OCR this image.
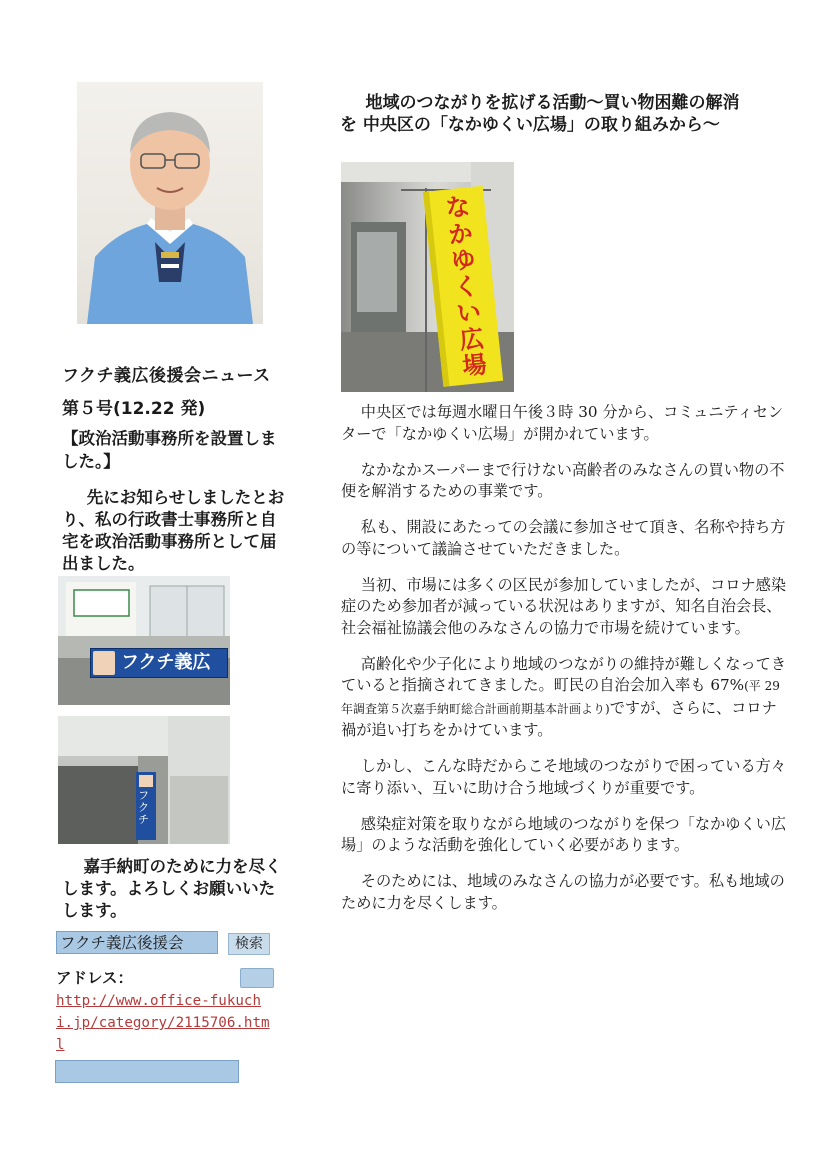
フクチ義広後援会ニュース
第５号(12.22 発)
【政治活動事務所を設置しました。】
先にお知らせしましたとおり、私の行政書士事務所と自宅を政治活動事務所として届出ました。
フクチ義広
フクチ
嘉手納町のために力を尽くします。よろしくお願いいたします。
フクチ義広後援会	検索
アドレス：
http://www.office-fukuchi.jp/category/2115706.html
地域のつながりを拡げる活動～買い物困難の解消を 中央区の「なかゆくい広場」の取り組みから～
な
か
ゆ
く
い
広
場

中央区では毎週水曜日午後３時 30 分から、コミュニティセンターで「なかゆくい広場」が開かれています。

なかなかスーパーまで行けない高齢者のみなさんの買い物の不便を解消するための事業です。

私も、開設にあたっての会議に参加させて頂き、名称や持ち方の等について議論させていただきました。

当初、市場には多くの区民が参加していましたが、コロナ感染症のため参加者が減っている状況はありますが、知名自治会長、社会福祉協議会他のみなさんの協力で市場を続けています。

高齢化や少子化により地域のつながりの維持が難しくなってきていると指摘されてきました。町民の自治会加入率も 67%(平 29 年調査第５次嘉手納町総合計画前期基本計画より)ですが、さらに、コロナ禍が追い打ちをかけています。

しかし、こんな時だからこそ地域のつながりで困っている方々に寄り添い、互いに助け合う地域づくりが重要です。

感染症対策を取りながら地域のつながりを保つ「なかゆくい広場」のような活動を強化していく必要があります。

そのためには、地域のみなさんの協力が必要です。私も地域のために力を尽くします。
